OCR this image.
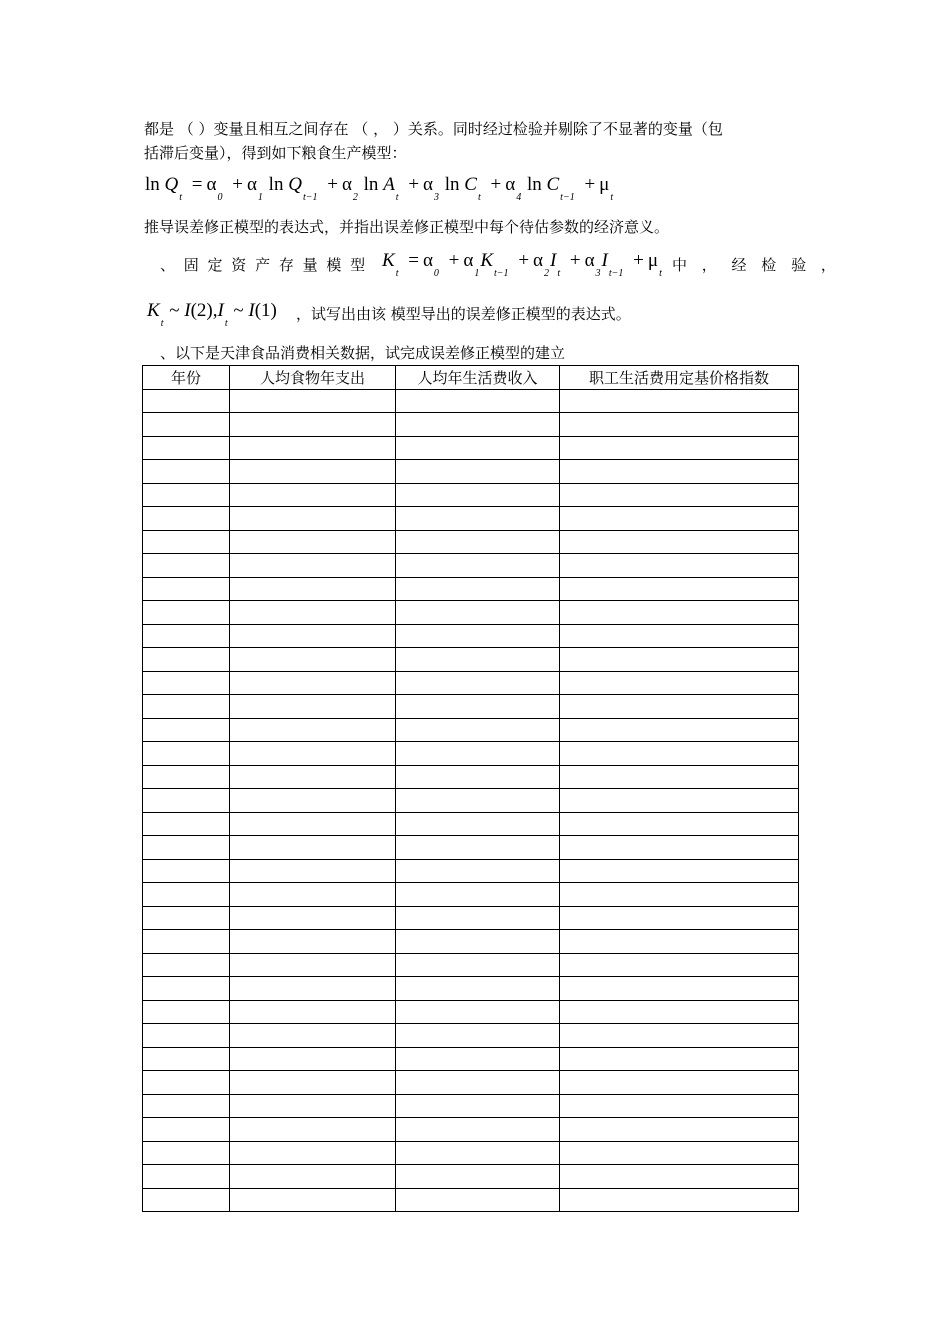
都是 （ ）变量且相互之间存在 （ ， ）关系。同时经过检验并剔除了不显著的变量（包
括滞后变量），得到如下粮食生产模型：
$\ln Q_t = \alpha_0 + \alpha_1$ $\ln Q_{t-1} + \alpha_2$ $\ln A_t + \alpha_3$ $\ln C_t + \alpha_4$ $\ln C_{t-1} + \mu_t$
推导误差修正模型的表达式，并指出误差修正模型中每个待估参数的经济意义。
、 固 定 资 产 存 量 模 型 $K_t = \alpha_0 + \alpha_1K_{t-1} + \alpha_2I_t + \alpha_3I_{t-1} + \mu_t$ 中 ， 经 检 验 ，
$K_t$ ~ $I(2),I_t$ ~ I(1) ，试写出由该 模型导出的误差修正模型的表达式。
、以下是天津食品消费相关数据，试完成误差修正模型的建立
年份	人均食物年支出	人均年生活费收入	职工生活费用定基价格指数
